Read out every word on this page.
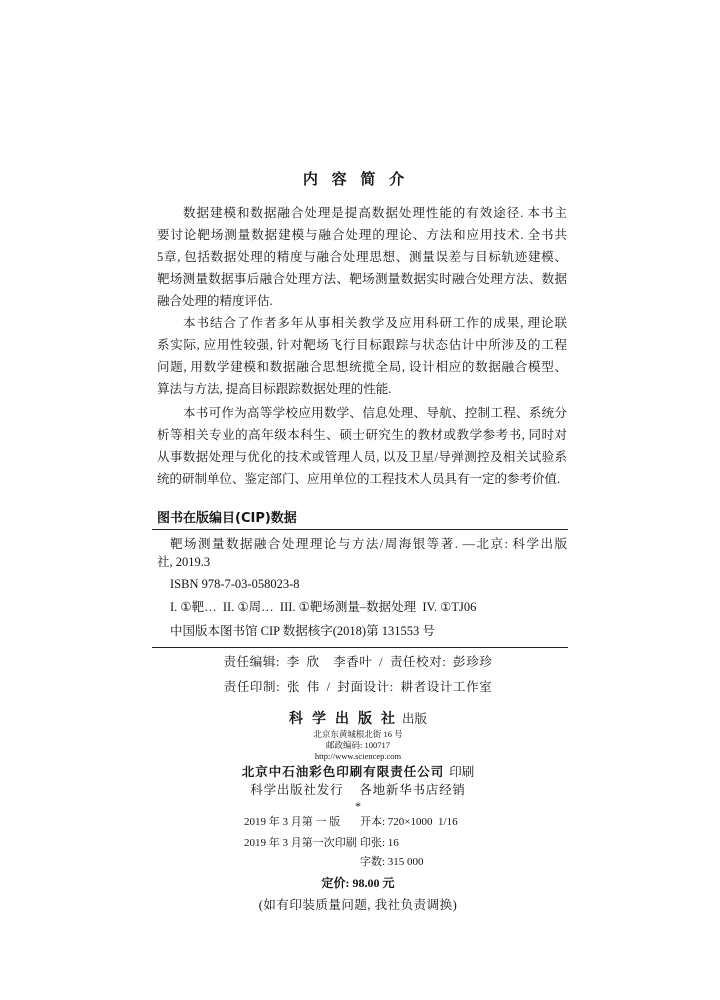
内 容 简 介
数据建模和数据融合处理是提高数据处理性能的有效途径. 本书主
要讨论靶场测量数据建模与融合处理的理论、方法和应用技术. 全书共
5章, 包括数据处理的精度与融合处理思想、测量误差与目标轨迹建模、
靶场测量数据事后融合处理方法、靶场测量数据实时融合处理方法、数据
融合处理的精度评估.
本书结合了作者多年从事相关教学及应用科研工作的成果, 理论联
系实际, 应用性较强, 针对靶场飞行目标跟踪与状态估计中所涉及的工程
问题, 用数学建模和数据融合思想统揽全局, 设计相应的数据融合模型、
算法与方法, 提高目标跟踪数据处理的性能.
本书可作为高等学校应用数学、信息处理、导航、控制工程、系统分
析等相关专业的高年级本科生、硕士研究生的教材或教学参考书, 同时对
从事数据处理与优化的技术或管理人员, 以及卫星/导弹测控及相关试验系
统的研制单位、鉴定部门、应用单位的工程技术人员具有一定的参考价值.
图书在版编目(CIP)数据
靶场测量数据融合处理理论与方法/周海银等著. —北京: 科学出版
社, 2019.3
ISBN 978-7-03-058023-8
I. ①靶…  II. ①周…  III. ①靶场测量–数据处理  IV. ①TJ06
中国版本图书馆 CIP 数据核字(2018)第 131553 号
责任编辑: 李 欣  李香叶 / 责任校对: 彭珍珍
责任印制: 张 伟 / 封面设计: 耕者设计工作室
科学出版社出版
北京东黄城根北街 16 号
邮政编码: 100717
http://www.sciencep.com
北京中石油彩色印刷有限责任公司 印刷
科学出版社发行 各地新华书店经销
*
2019 年 3 月第 一 版 开本: 720×1000  1/16
2019 年 3 月第一次印刷 印张: 16
字数: 315 000
定价: 98.00 元
(如有印装质量问题, 我社负责调换)
